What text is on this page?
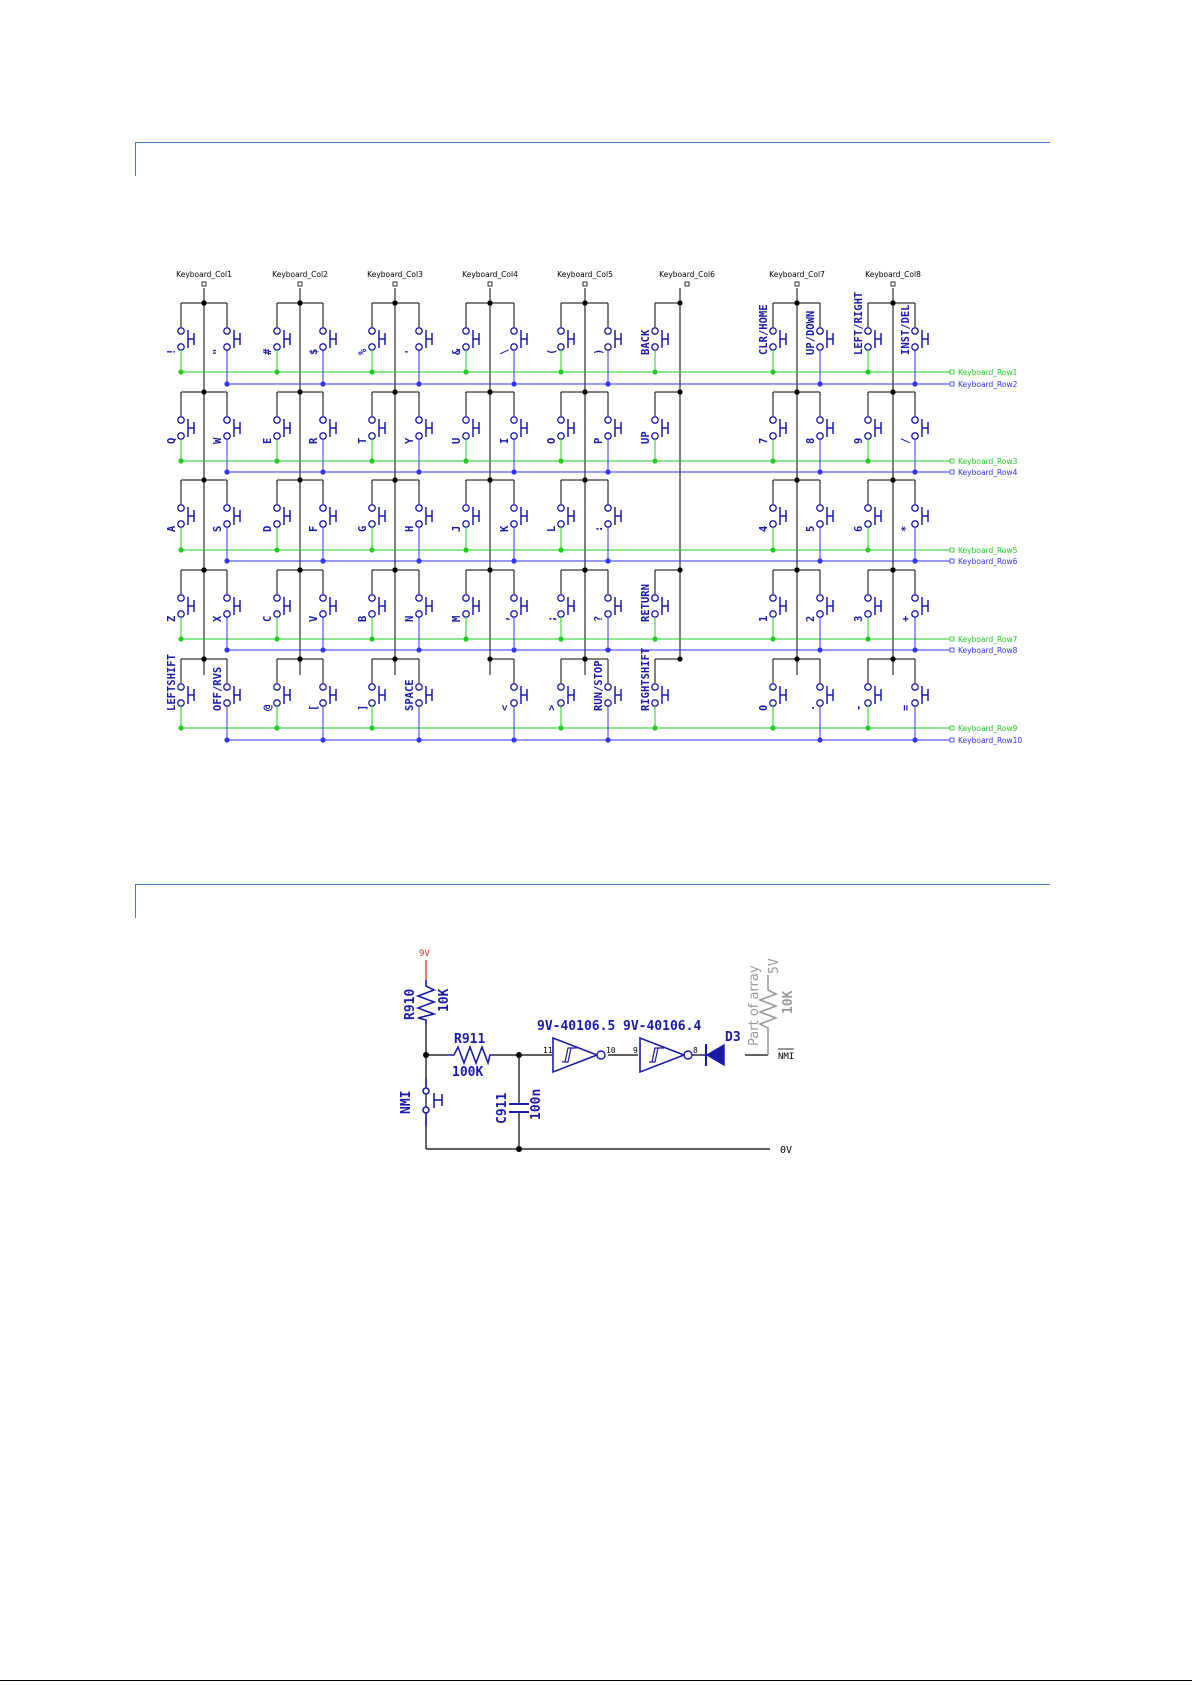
Keyboard_Col1	Keyboard_Col2	Keyboard_Col3	Keyboard_Col4	Keyboard_Col5	Keyboard_Col6	Keyboard_Col7	Keyboard_Col8
Keyboard_Row1
Keyboard_Row2
Keyboard_Row3
Keyboard_Row4
Keyboard_Row5
Keyboard_Row6
Keyboard_Row7
Keyboard_Row8
Keyboard_Row9
Keyboard_Row10
!	"	#	$	%	'	&	\	(	)	BACK	CLR/HOME	UP/DOWN	LEFT/RIGHT	INST/DEL
Q	W	E	R	T	Y	U	I	O	P	UP	7	8	9	/
A	S	D	F	G	H	J	K	L	:	4	5	6	*
Z	X	C	V	B	N	M	,	;	?	RETURN	1	2	3	+
LEFTSHIFT	OFF/RVS	@	[	]	SPACE	<	>	RUN/STOP	RIGHTSHIFT	0	.	-	=
9V
R910 10K
R911
100K
C911 100n
NMI
9V-40106.5
11	10
9V-40106.4
9	8
D3
NMI
Part of array 5V
10K
0V
